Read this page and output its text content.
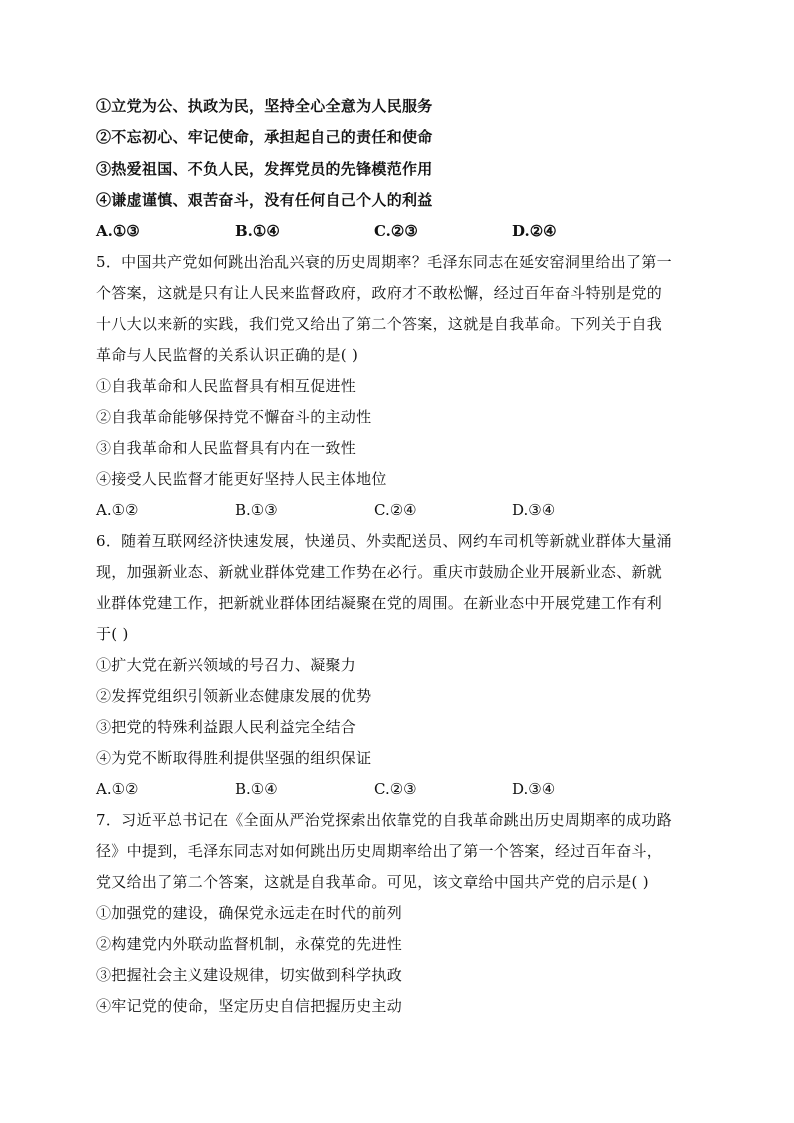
①立党为公、执政为民，坚持全心全意为人民服务
②不忘初心、牢记使命，承担起自己的责任和使命
③热爱祖国、不负人民，发挥党员的先锋模范作用
④谦虚谨慎、艰苦奋斗，没有任何自己个人的利益
A.①③	B.①④	C.②③	D.②④
5．中国共产党如何跳出治乱兴衰的历史周期率？毛泽东同志在延安窑洞里给出了第一
个答案，这就是只有让人民来监督政府，政府才不敢松懈，经过百年奋斗特别是党的
十八大以来新的实践，我们党又给出了第二个答案，这就是自我革命。下列关于自我
革命与人民监督的关系认识正确的是( )
①自我革命和人民监督具有相互促进性
②自我革命能够保持党不懈奋斗的主动性
③自我革命和人民监督具有内在一致性
④接受人民监督才能更好坚持人民主体地位
A.①②	B.①③	C.②④	D.③④
6．随着互联网经济快速发展，快递员、外卖配送员、网约车司机等新就业群体大量涌
现，加强新业态、新就业群体党建工作势在必行。重庆市鼓励企业开展新业态、新就
业群体党建工作，把新就业群体团结凝聚在党的周围。在新业态中开展党建工作有利
于( )
①扩大党在新兴领域的号召力、凝聚力
②发挥党组织引领新业态健康发展的优势
③把党的特殊利益跟人民利益完全结合
④为党不断取得胜利提供坚强的组织保证
A.①②	B.①④	C.②③	D.③④
7．习近平总书记在《全面从严治党探索出依靠党的自我革命跳出历史周期率的成功路
径》中提到，毛泽东同志对如何跳出历史周期率给出了第一个答案，经过百年奋斗，
党又给出了第二个答案，这就是自我革命。可见，该文章给中国共产党的启示是( )
①加强党的建设，确保党永远走在时代的前列
②构建党内外联动监督机制，永葆党的先进性
③把握社会主义建设规律，切实做到科学执政
④牢记党的使命，坚定历史自信把握历史主动
